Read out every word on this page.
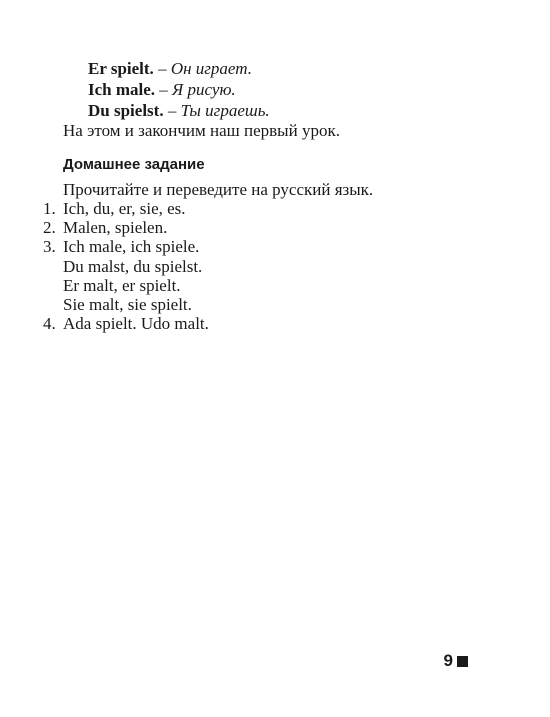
Er spielt. – Он играет.
Ich male. – Я рисую.
Du spielst. – Ты играешь.
На этом и закончим наш первый урок.
Домашнее задание
Прочитайте и переведите на русский язык.
1. Ich, du, er, sie, es.
2. Malen, spielen.
3. Ich male, ich spiele.
Du malst, du spielst.
Er malt, er spielt.
Sie malt, sie spielt.
4. Ada spielt. Udo malt.
9
